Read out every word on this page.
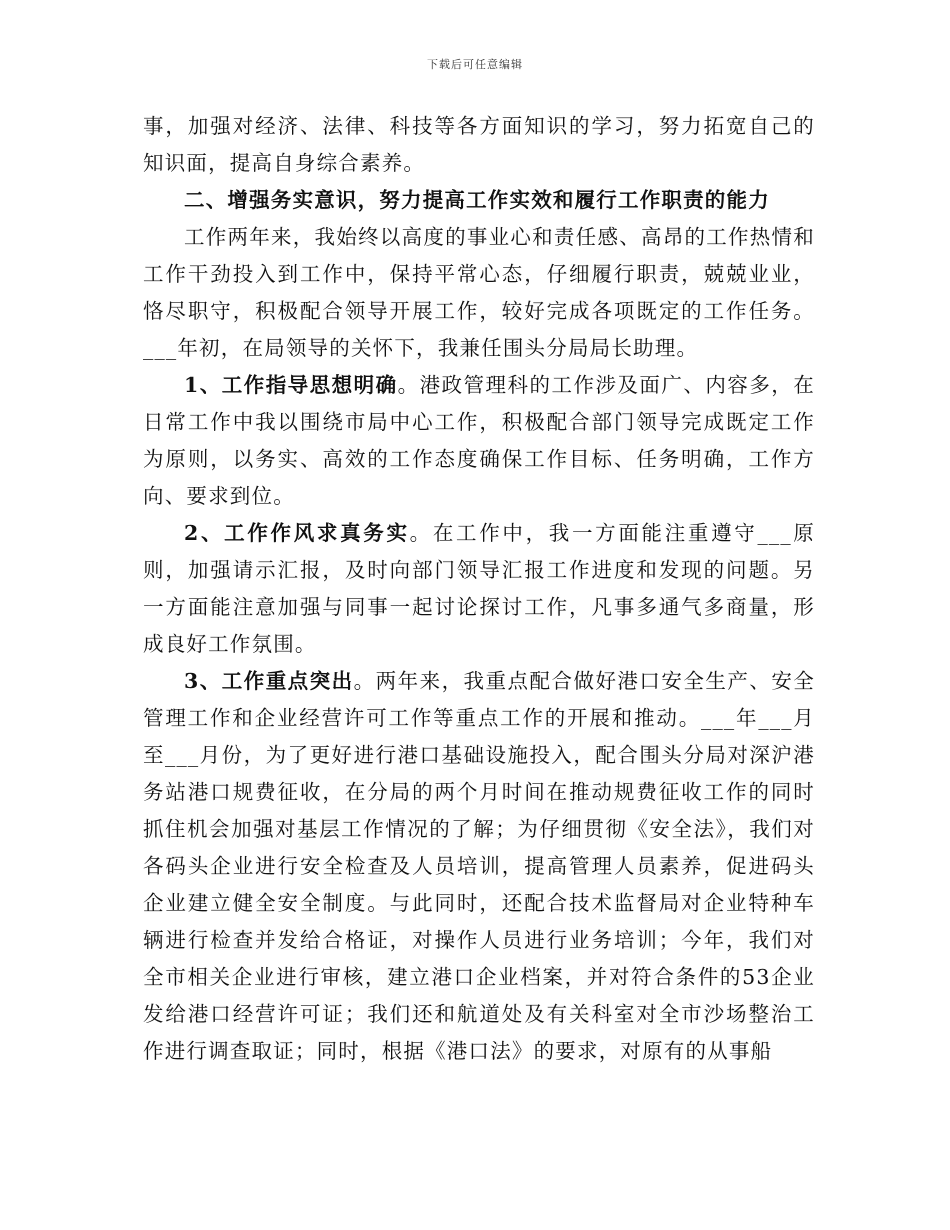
下载后可任意编辑

事，加强对经济、法律、科技等各方面知识的学习，努力拓宽自己的知识面，提高自身综合素养。

二、增强务实意识，努力提高工作实效和履行工作职责的能力

工作两年来，我始终以高度的事业心和责任感、高昂的工作热情和工作干劲投入到工作中，保持平常心态，仔细履行职责，兢兢业业，恪尽职守，积极配合领导开展工作，较好完成各项既定的工作任务。___年初，在局领导的关怀下，我兼任围头分局局长助理。

1、工作指导思想明确。港政管理科的工作涉及面广、内容多，在日常工作中我以围绕市局中心工作，积极配合部门领导完成既定工作为原则，以务实、高效的工作态度确保工作目标、任务明确，工作方向、要求到位。

2、工作作风求真务实。在工作中，我一方面能注重遵守___原则，加强请示汇报，及时向部门领导汇报工作进度和发现的问题。另一方面能注意加强与同事一起讨论探讨工作，凡事多通气多商量，形成良好工作氛围。

3、工作重点突出。两年来，我重点配合做好港口安全生产、安全管理工作和企业经营许可工作等重点工作的开展和推动。___年___月至___月份，为了更好进行港口基础设施投入，配合围头分局对深沪港务站港口规费征收，在分局的两个月时间在推动规费征收工作的同时抓住机会加强对基层工作情况的了解；为仔细贯彻《安全法》，我们对各码头企业进行安全检查及人员培训，提高管理人员素养，促进码头企业建立健全安全制度。与此同时，还配合技术监督局对企业特种车辆进行检查并发给合格证，对操作人员进行业务培训；今年，我们对全市相关企业进行审核，建立港口企业档案，并对符合条件的53企业发给港口经营许可证；我们还和航道处及有关科室对全市沙场整治工作进行调查取证；同时，根据《港口法》的要求，对原有的从事船
